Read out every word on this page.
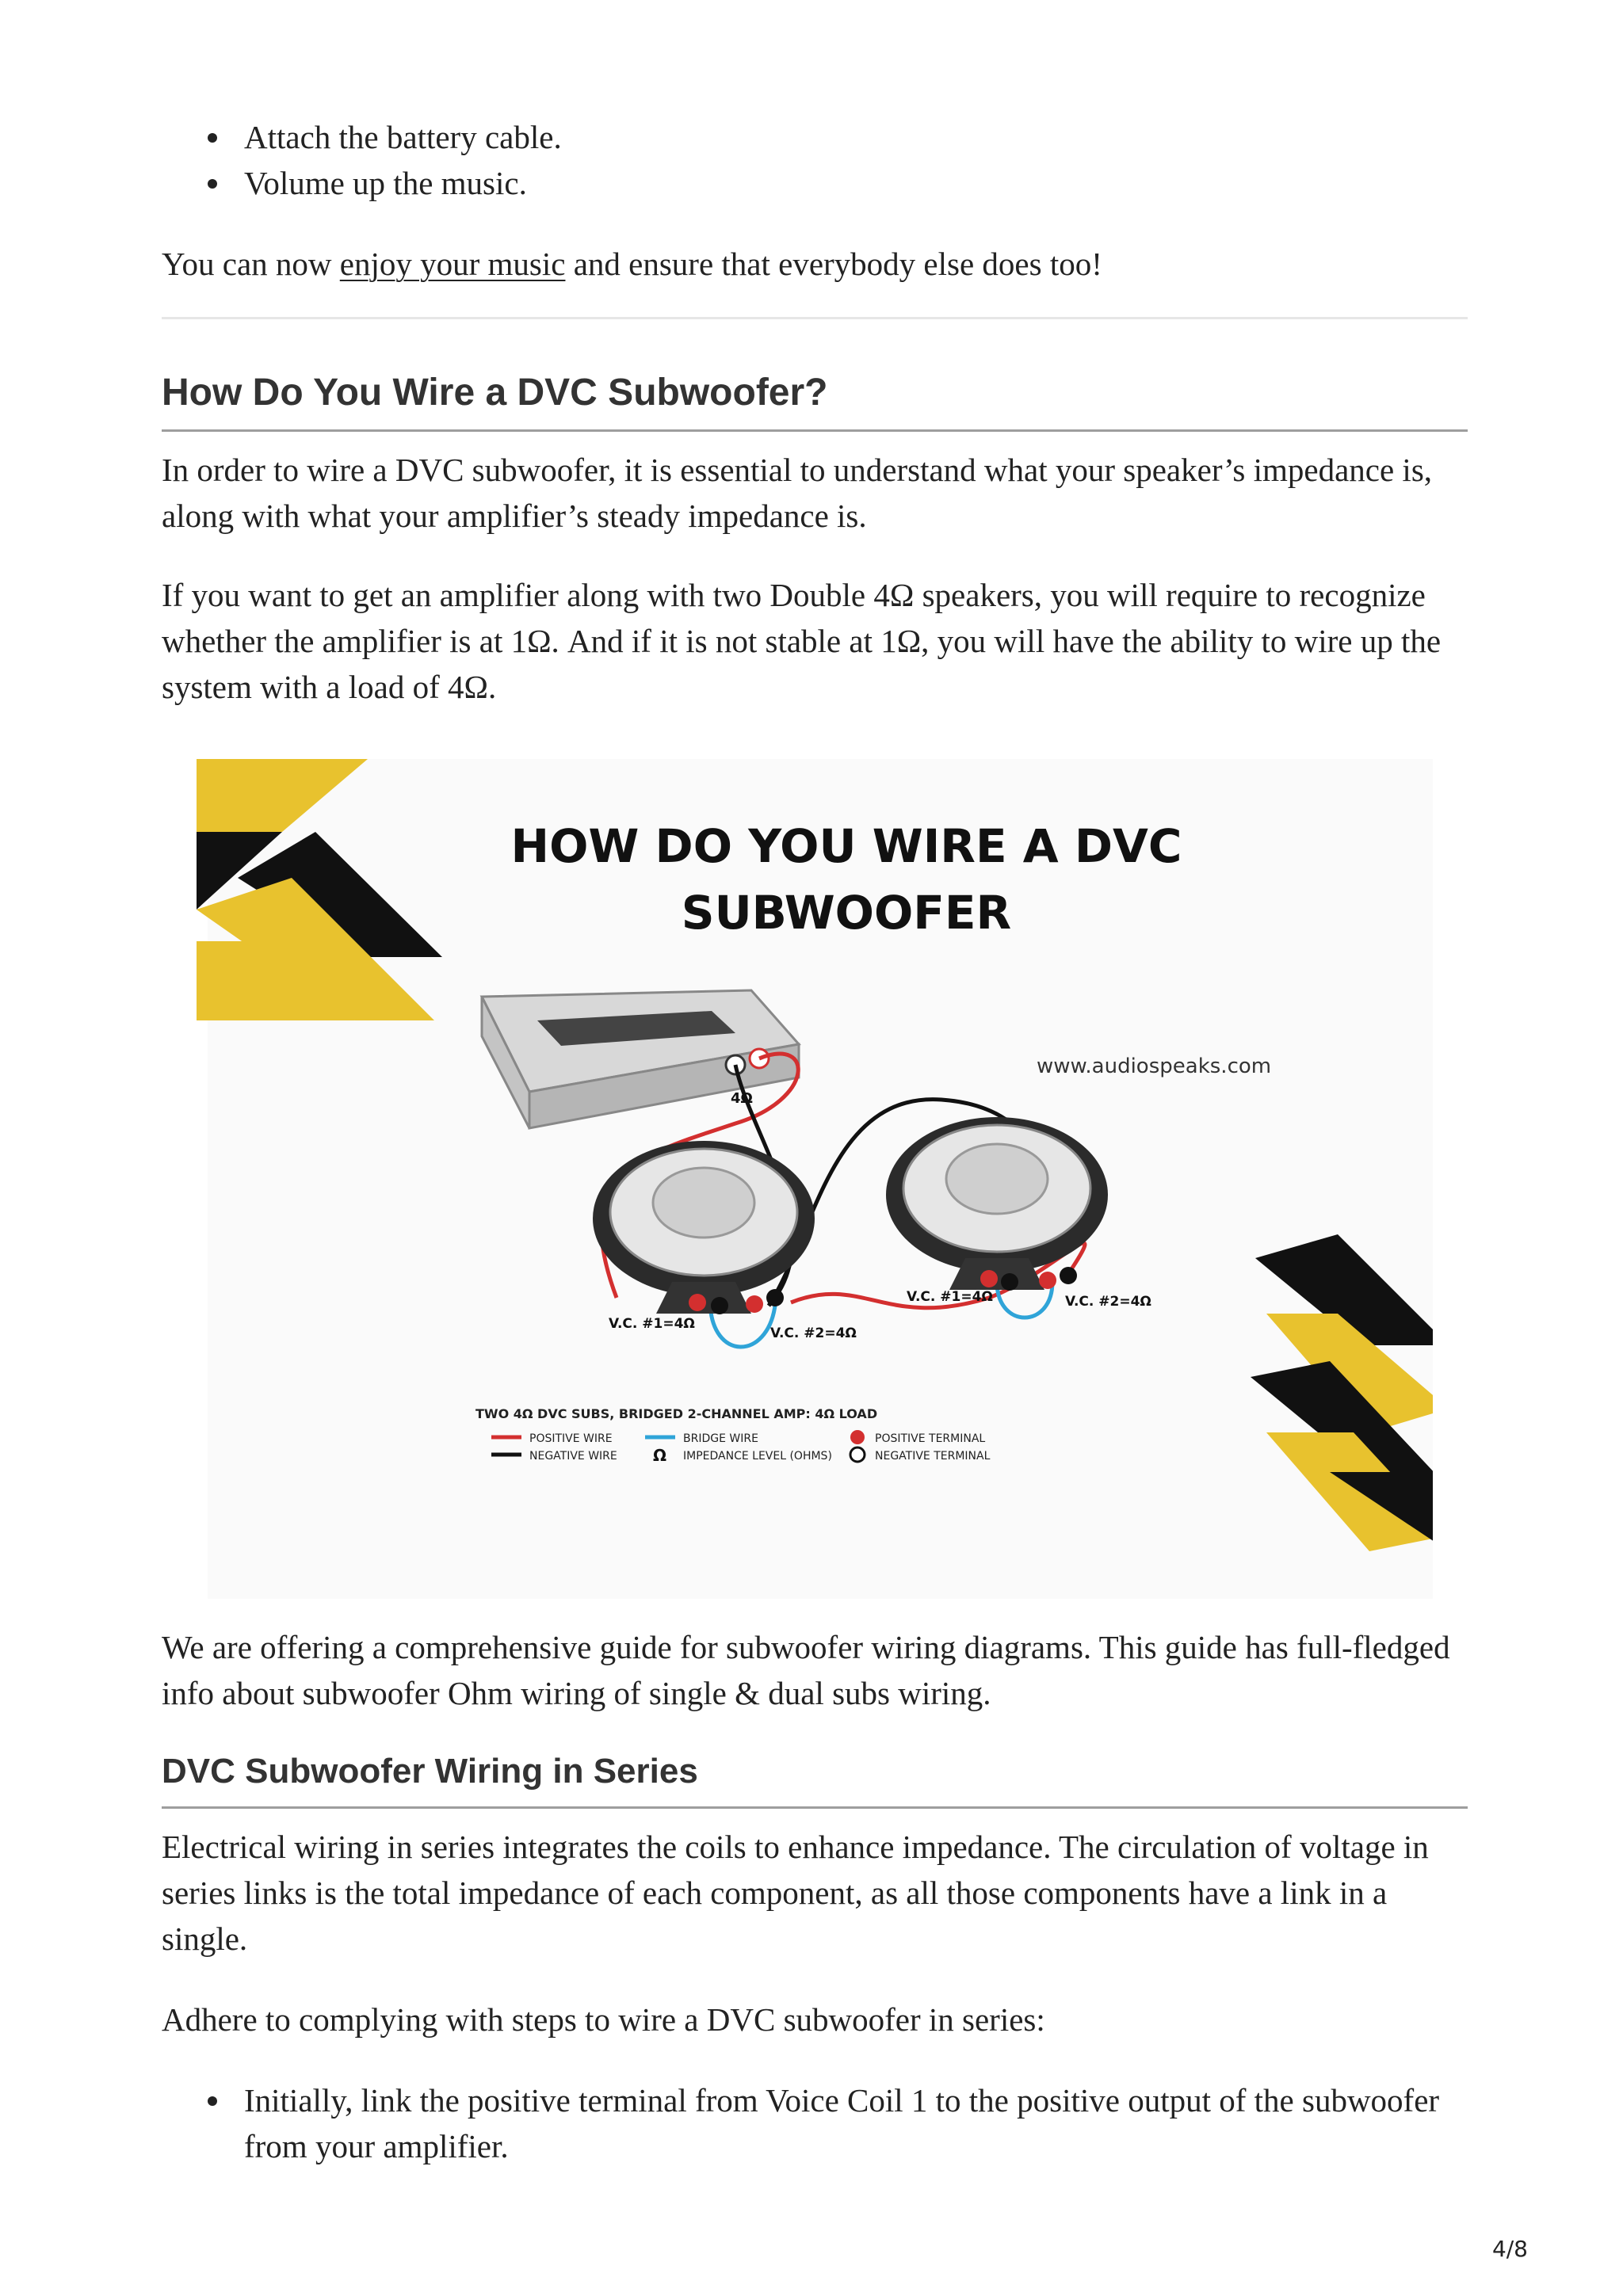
Attach the battery cable.
Volume up the music.

You can now enjoy your music and ensure that everybody else does too!

How Do You Wire a DVC Subwoofer?

In order to wire a DVC subwoofer, it is essential to understand what your speaker’s impedance is, along with what your amplifier’s steady impedance is.

If you want to get an amplifier along with two Double 4Ω speakers, you will require to recognize whether the amplifier is at 1Ω. And if it is not stable at 1Ω, you will have the ability to wire up the system with a load of 4Ω.

HOW DO YOU WIRE A DVC
SUBWOOFER
www.audiospeaks.com
4Ω
V.C. #1=4Ω
V.C. #2=4Ω
V.C. #1=4Ω	V.C. #2=4Ω
TWO 4Ω DVC SUBS, BRIDGED 2-CHANNEL AMP: 4Ω LOAD
POSITIVE WIRE
NEGATIVE WIRE
BRIDGE WIRE
Ω IMPEDANCE LEVEL (OHMS)
POSITIVE TERMINAL
NEGATIVE TERMINAL

We are offering a comprehensive guide for subwoofer wiring diagrams. This guide has full-fledged info about subwoofer Ohm wiring of single & dual subs wiring.

DVC Subwoofer Wiring in Series

Electrical wiring in series integrates the coils to enhance impedance. The circulation of voltage in series links is the total impedance of each component, as all those components have a link in a single.

Adhere to complying with steps to wire a DVC subwoofer in series:

Initially, link the positive terminal from Voice Coil 1 to the positive output of the subwoofer from your amplifier.
4/8
